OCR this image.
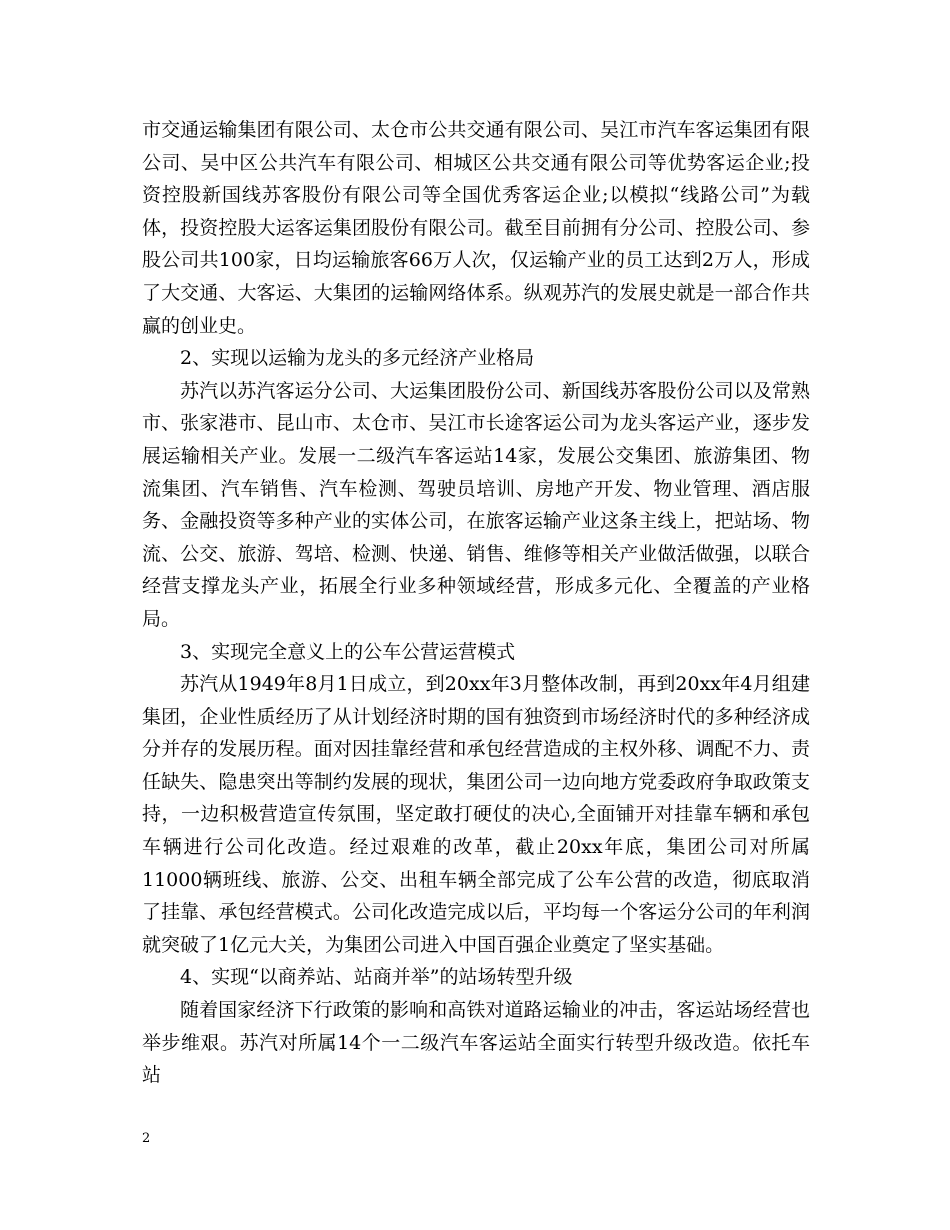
市交通运输集团有限公司、太仓市公共交通有限公司、吴江市汽车客运集团有限公司、吴中区公共汽车有限公司、相城区公共交通有限公司等优势客运企业;投资控股新国线苏客股份有限公司等全国优秀客运企业;以模拟“线路公司”为载体，投资控股大运客运集团股份有限公司。截至目前拥有分公司、控股公司、参股公司共100家，日均运输旅客66万人次，仅运输产业的员工达到2万人，形成了大交通、大客运、大集团的运输网络体系。纵观苏汽的发展史就是一部合作共赢的创业史。

2、实现以运输为龙头的多元经济产业格局

苏汽以苏汽客运分公司、大运集团股份公司、新国线苏客股份公司以及常熟市、张家港市、昆山市、太仓市、吴江市长途客运公司为龙头客运产业，逐步发展运输相关产业。发展一二级汽车客运站14家，发展公交集团、旅游集团、物流集团、汽车销售、汽车检测、驾驶员培训、房地产开发、物业管理、酒店服务、金融投资等多种产业的实体公司，在旅客运输产业这条主线上，把站场、物流、公交、旅游、驾培、检测、快递、销售、维修等相关产业做活做强，以联合经营支撑龙头产业，拓展全行业多种领域经营，形成多元化、全覆盖的产业格局。

3、实现完全意义上的公车公营运营模式

苏汽从1949年8月1日成立，到20xx年3月整体改制，再到20xx年4月组建集团，企业性质经历了从计划经济时期的国有独资到市场经济时代的多种经济成分并存的发展历程。面对因挂靠经营和承包经营造成的主权外移、调配不力、责任缺失、隐患突出等制约发展的现状，集团公司一边向地方党委政府争取政策支持，一边积极营造宣传氛围，坚定敢打硬仗的决心,全面铺开对挂靠车辆和承包车辆进行公司化改造。经过艰难的改革，截止20xx年底，集团公司对所属11000辆班线、旅游、公交、出租车辆全部完成了公车公营的改造，彻底取消了挂靠、承包经营模式。公司化改造完成以后，平均每一个客运分公司的年利润就突破了1亿元大关，为集团公司进入中国百强企业奠定了坚实基础。

4、实现“以商养站、站商并举”的站场转型升级

随着国家经济下行政策的影响和高铁对道路运输业的冲击，客运站场经营也举步维艰。苏汽对所属14个一二级汽车客运站全面实行转型升级改造。依托车站

2
